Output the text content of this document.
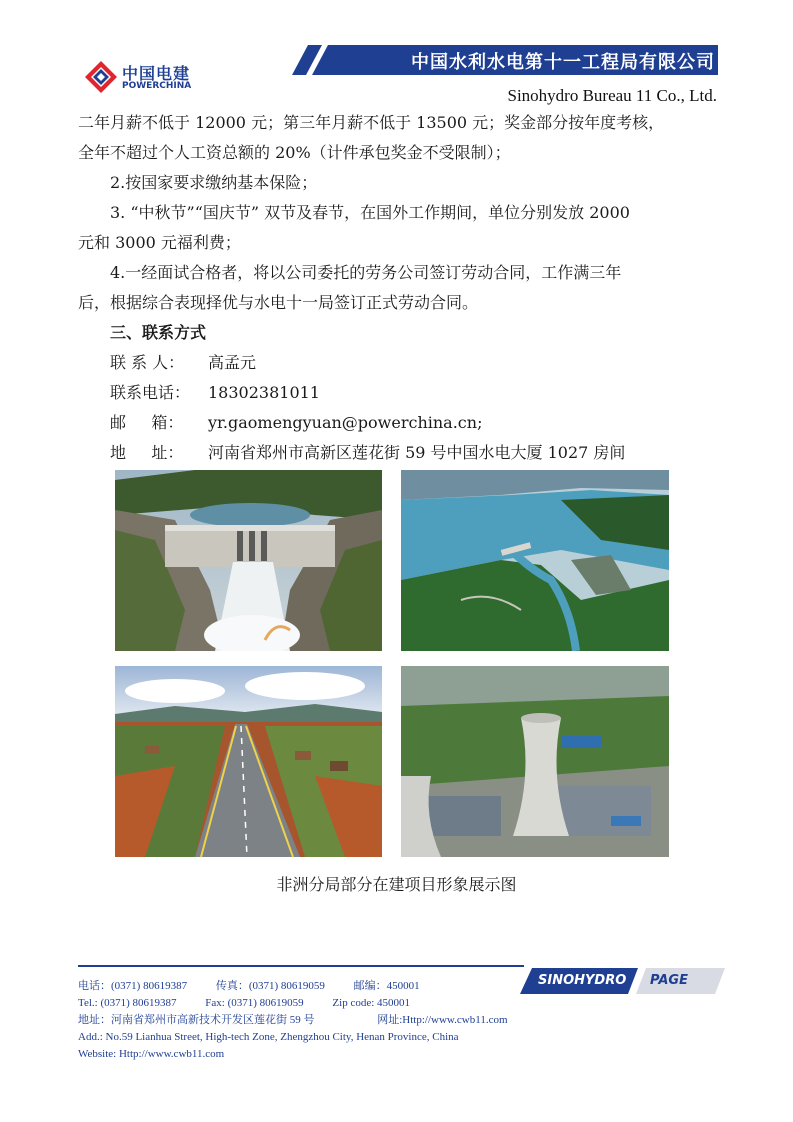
中国电建
POWERCHINA
中国水利水电第十一工程局有限公司
Sinohydro Bureau 11 Co., Ltd.

二年月薪不低于 12000 元；第三年月薪不低于 13500 元；奖金部分按年度考核，

全年不超过个人工资总额的 20%（计件承包奖金不受限制）；

2.按国家要求缴纳基本保险；

3. “中秋节”“国庆节” 双节及春节，在国外工作期间，单位分别发放 2000

元和 3000 元福利费；

4.一经面试合格者，将以公司委托的劳务公司签订劳动合同，工作满三年

后，根据综合表现择优与水电十一局签订正式劳动合同。

三、联系方式

联 系 人：	高孟元
联系电话：	18302381011
邮     箱：	yr.gaomengyuan@powerchina.cn;
地     址：	河南省郑州市高新区莲花街 59 号中国水电大厦 1027 房间
非洲分局部分在建项目形象展示图
SINOHYDRO PAGE
电话：(0371) 80619387	传真：(0371) 80619059	邮编：450001
Tel.: (0371) 80619387	Fax: (0371) 80619059	Zip code: 450001
地址：河南省郑州市高新技术开发区莲花街 59 号	网址:Http://www.cwb11.com
Add.: No.59 Lianhua Street, High-tech Zone, Zhengzhou City, Henan Province, China
Website: Http://www.cwb11.com
